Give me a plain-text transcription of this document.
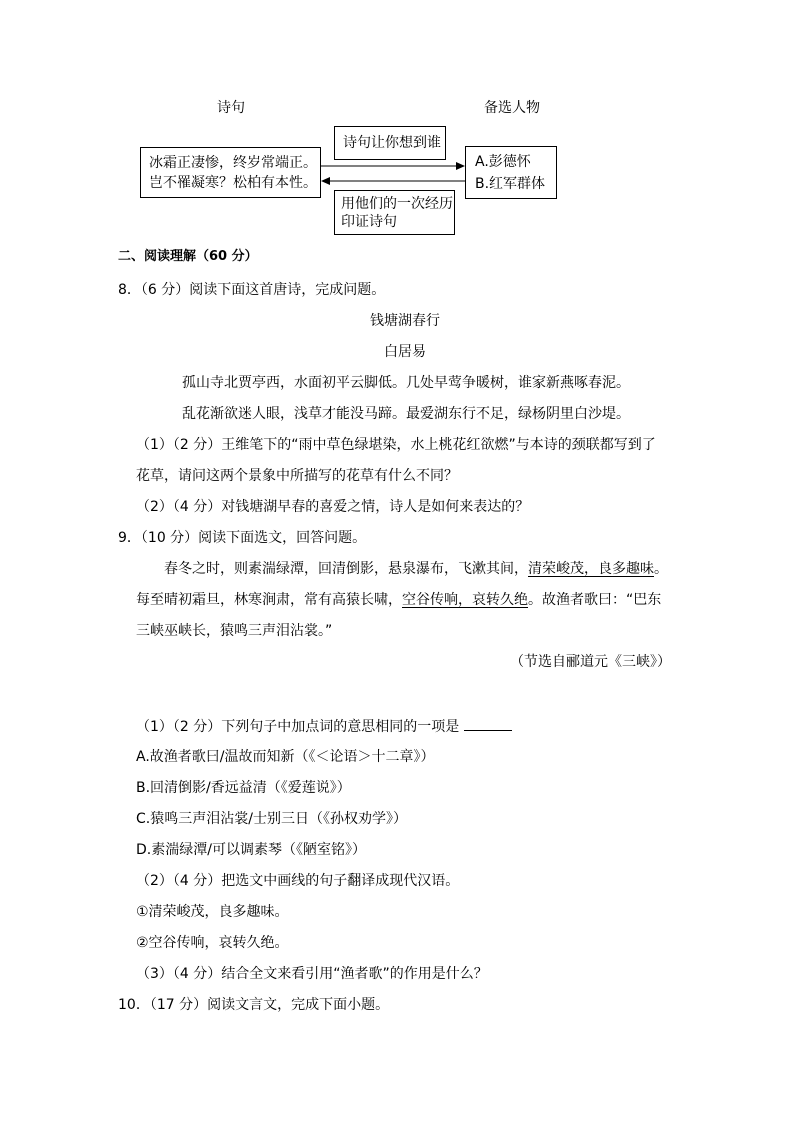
诗句	备选人物
冰霜正凄惨，终岁常端正。
岂不罹凝寒？松柏有本性。
诗句让你想到谁
用他们的一次经历
印证诗句
A.彭德怀
B.红军群体
二、阅读理解（60 分）
8．（6 分）阅读下面这首唐诗，完成问题。
钱塘湖春行
白居易
孤山寺北贾亭西，水面初平云脚低。几处早莺争暖树，谁家新燕啄春泥。
乱花渐欲迷人眼，浅草才能没马蹄。最爱湖东行不足，绿杨阴里白沙堤。
（1）（2 分）王维笔下的“雨中草色绿堪染，水上桃花红欲燃”与本诗的颈联都写到了
花草，请问这两个景象中所描写的花草有什么不同？
（2）（4 分）对钱塘湖早春的喜爱之情，诗人是如何来表达的？
9．（10 分）阅读下面选文，回答问题。
春冬之时，则素湍绿潭，回清倒影，悬泉瀑布，飞漱其间，清荣峻茂，良多趣味。
每至晴初霜旦，林寒涧肃，常有高猿长啸，空谷传响，哀转久绝。故渔者歌曰：“巴东
三峡巫峡长，猿鸣三声泪沾裳。”
（节选自郦道元《三峡》）
（1）（2 分）下列句子中加点词的意思相同的一项是
A.故渔者歌曰/温故而知新（《＜论语＞十二章》）
B.回清倒影/香远益清（《爱莲说》）
C.猿鸣三声泪沾裳/士别三日（《孙权劝学》）
D.素湍绿潭/可以调素琴（《陋室铭》）
（2）（4 分）把选文中画线的句子翻译成现代汉语。
①清荣峻茂，良多趣味。
②空谷传响，哀转久绝。
（3）（4 分）结合全文来看引用“渔者歌”的作用是什么？
10．（17 分）阅读文言文，完成下面小题。
